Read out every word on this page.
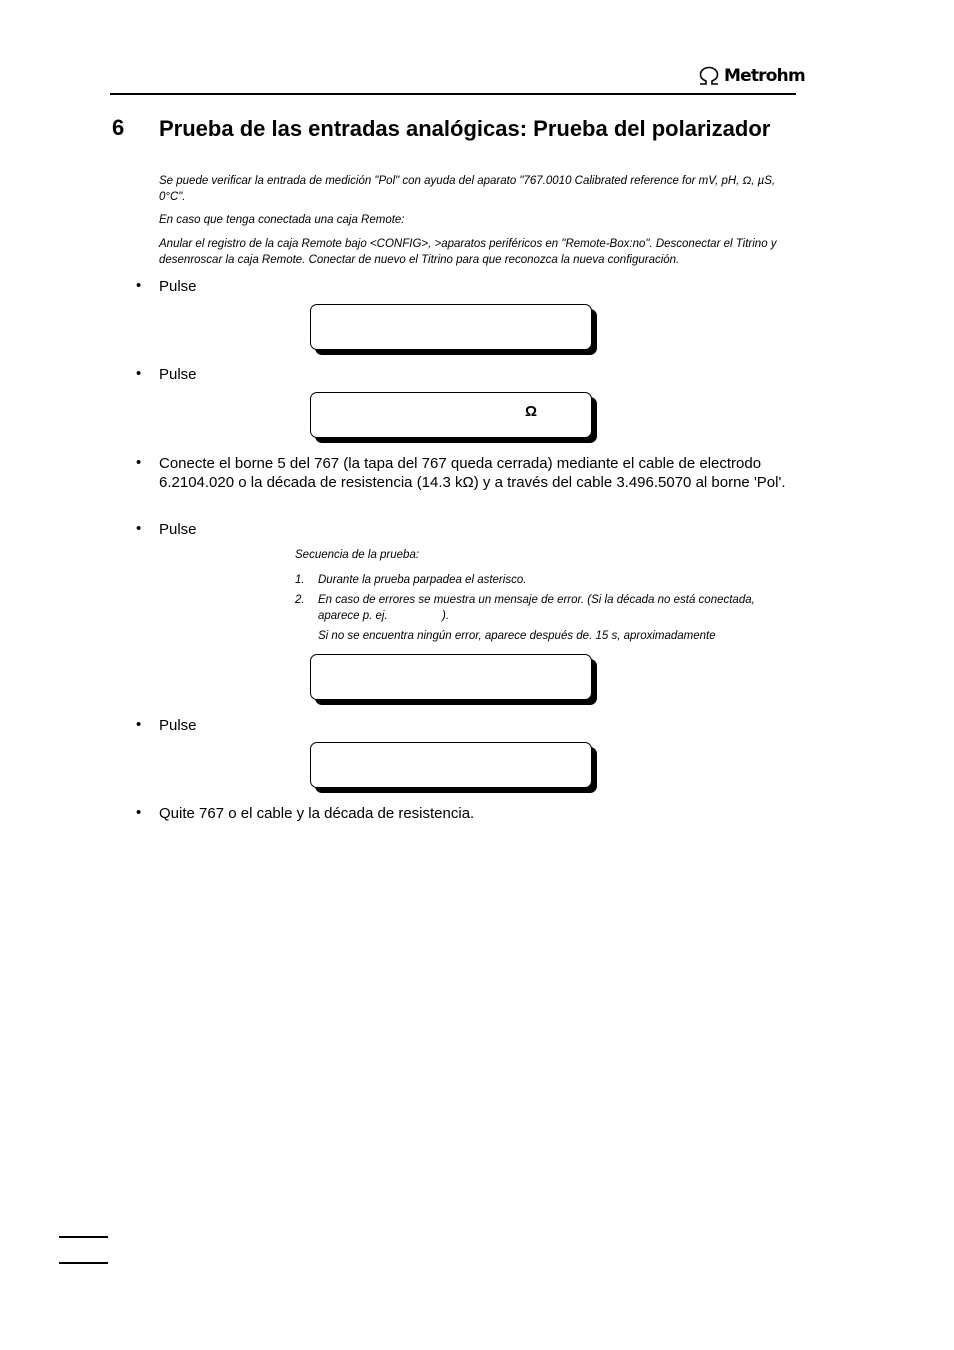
Metrohm
6 Prueba de las entradas analógicas: Prueba del polarizador
Se puede verificar la entrada de medición "Pol" con ayuda del aparato "767.0010 Calibrated reference for mV, pH, Ω, µS, 0°C".
En caso que tenga conectada una caja Remote:
Anular el registro de la caja Remote bajo <CONFIG>, >aparatos periféricos en "Remote-Box:no". Desconectar el Titrino y desenroscar la caja Remote. Conectar de nuevo el Titrino para que reconozca la nueva configuración.
• Pulse
• Pulse
Ω
• Conecte el borne 5 del 767 (la tapa del 767 queda cerrada) mediante el cable de electrodo 6.2104.020 o la década de resistencia (14.3 kΩ) y a través del cable 3.496.5070 al borne 'Pol'.
• Pulse
Secuencia de la prueba:
1. Durante la prueba parpadea el asterisco.
2. En caso de errores se muestra un mensaje de error. (Si la década no está conectada, aparece p. ej.                 ).
Si no se encuentra ningún error, aparece después de. 15 s, aproximadamente
• Pulse
• Quite 767 o el cable y la década de resistencia.
